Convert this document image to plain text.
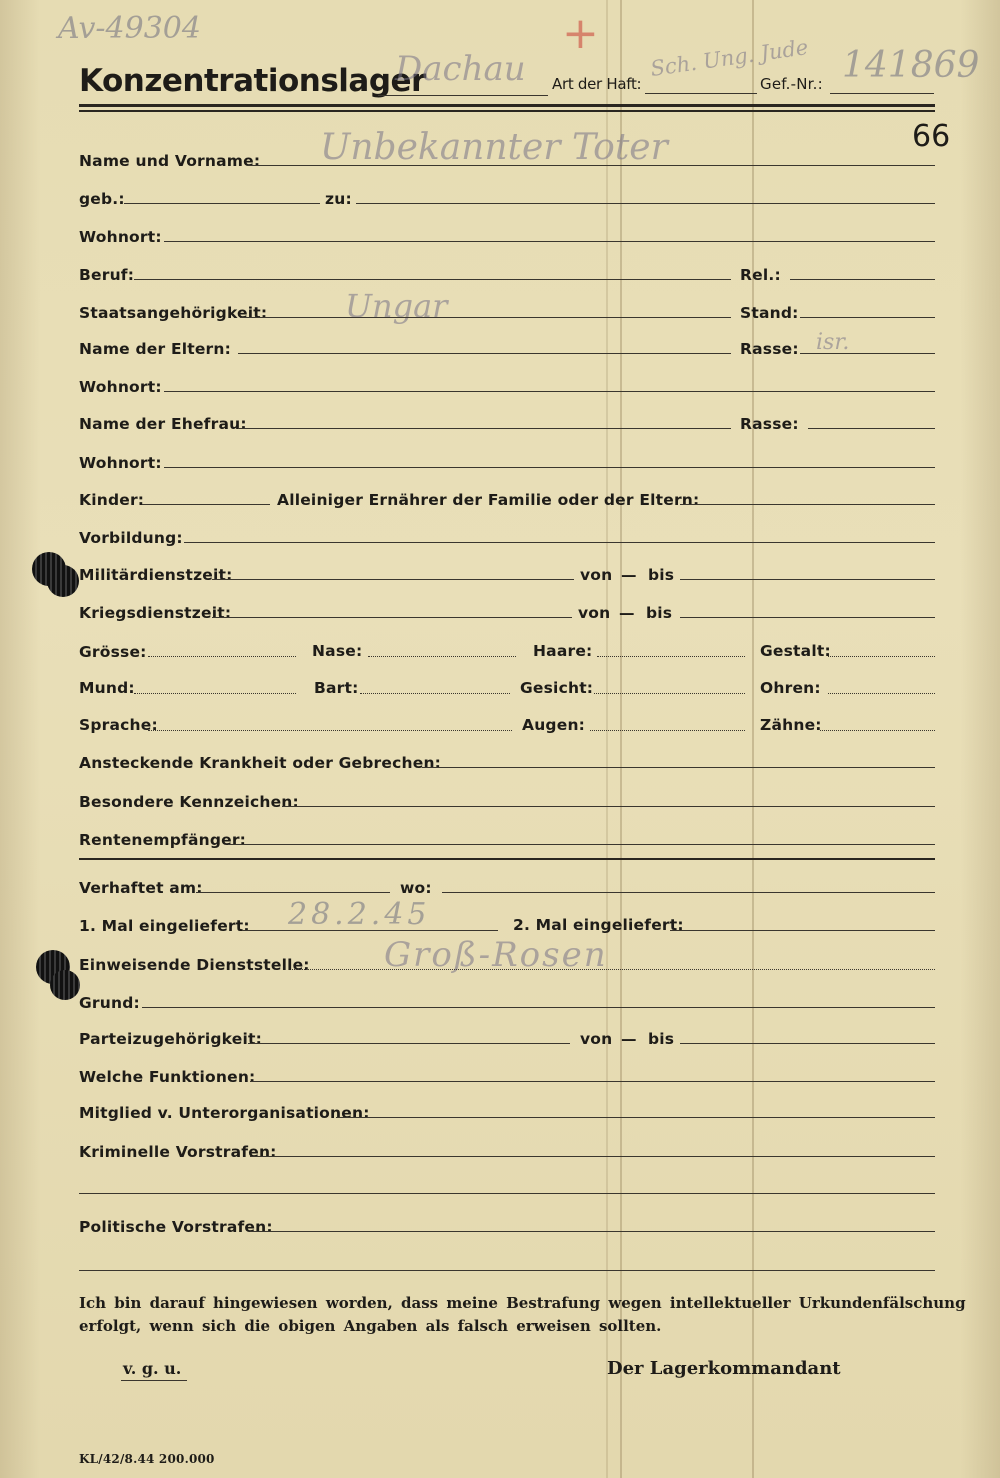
Av-49304	+
Konzentrationslager
Dachau Art der Haft:
Sch. Ung. Jude
Gef.-Nr.: 141869
66
Name und Vorname: Unbekannter Toter
geb.:	zu:
Wohnort:
Beruf:	Rel.:
Staatsangehörigkeit: Ungar	Stand:
Name der Eltern:	Rasse: isr.
Wohnort:
Name der Ehefrau:	Rasse:
Wohnort:
Kinder:	Alleiniger Ernährer der Familie oder der Eltern:
Vorbildung:
Militärdienstzeit:	von — bis
Kriegsdienstzeit:	von — bis
Grösse:	Nase:	Haare:	Gestalt:
Mund:	Bart:	Gesicht:	Ohren:
Sprache:	Augen:	Zähne:
Ansteckende Krankheit oder Gebrechen:
Besondere Kennzeichen:
Rentenempfänger:
Verhaftet am:	wo:
1. Mal eingeliefert: 28.2.45	2. Mal eingeliefert:
Einweisende Dienststelle: Groß-Rosen
Grund:
Parteizugehörigkeit:	von — bis
Welche Funktionen:
Mitglied v. Unterorganisationen:
Kriminelle Vorstrafen:
Politische Vorstrafen:
Ich bin darauf hingewiesen worden, dass meine Bestrafung wegen intellektueller Urkundenfälschung
erfolgt, wenn sich die obigen Angaben als falsch erweisen sollten.
v. g. u.	Der Lagerkommandant
KL/42/8.44 200.000
